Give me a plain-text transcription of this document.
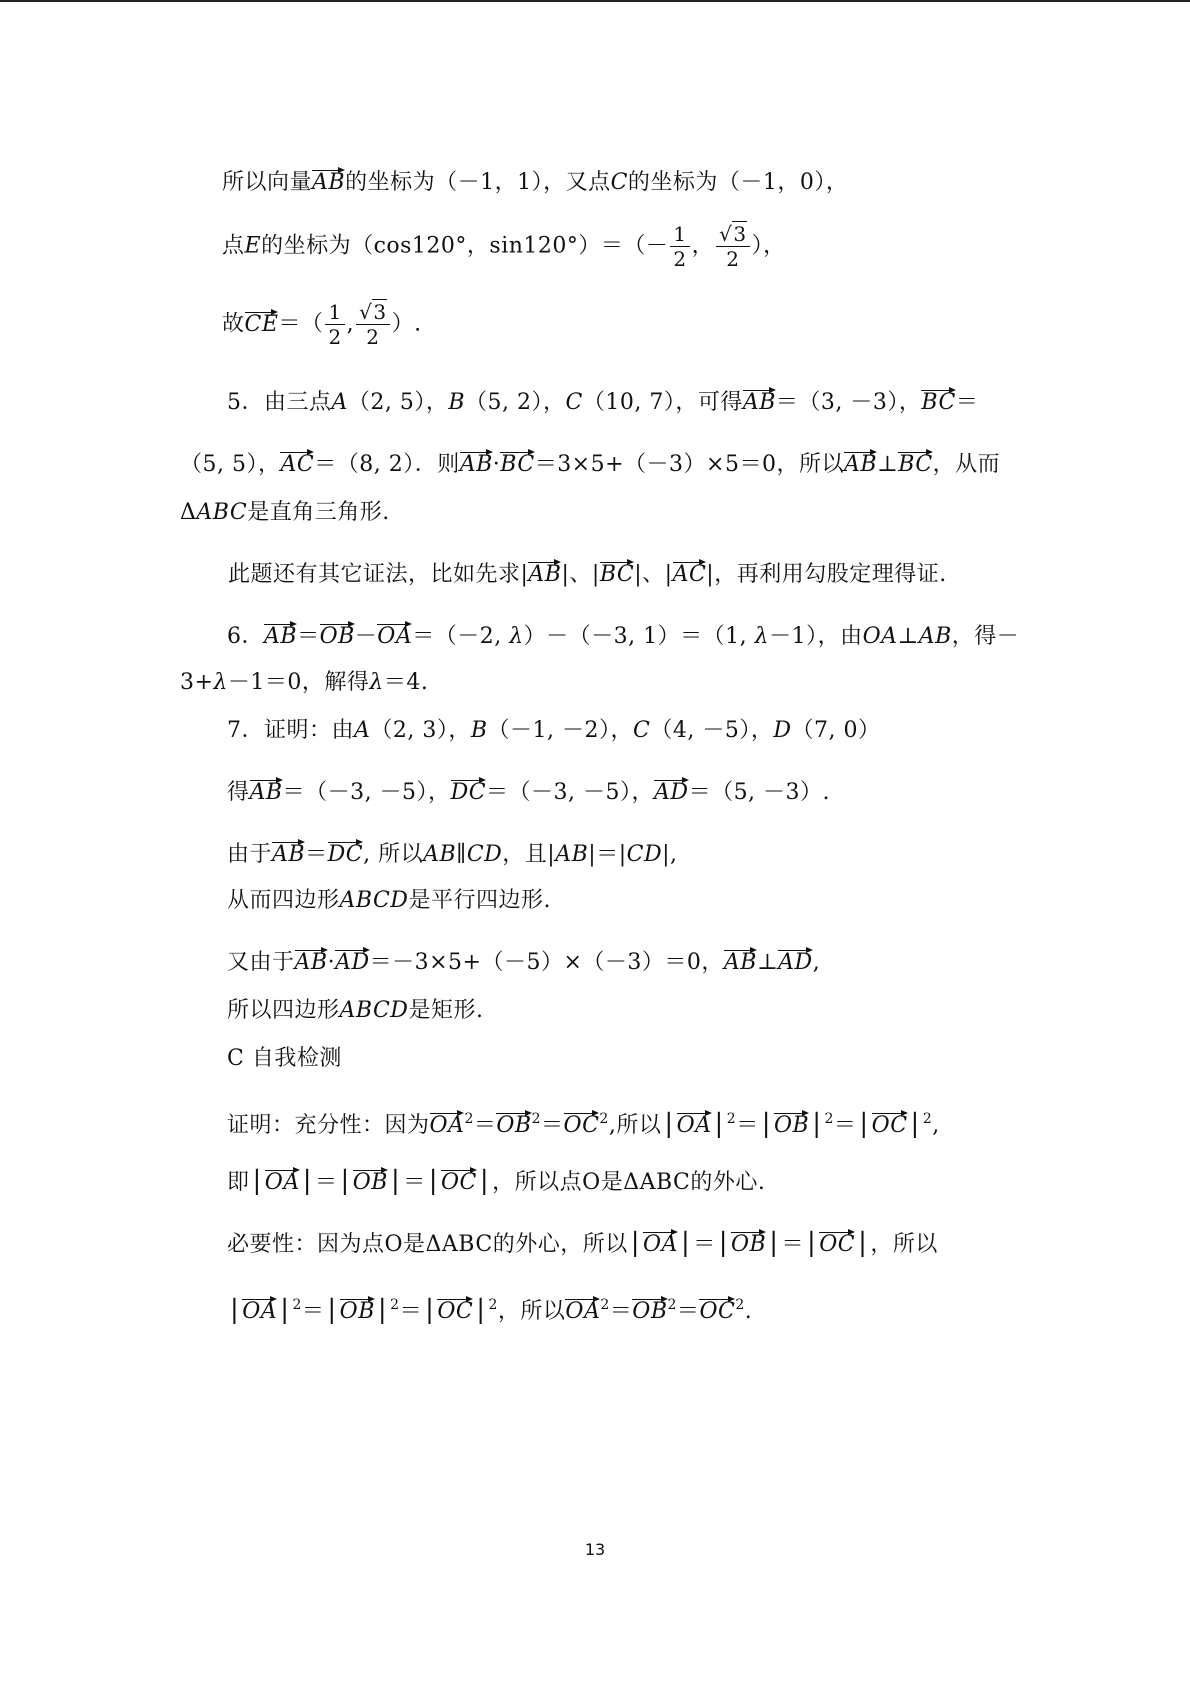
所以向量AB的坐标为（－1，1），又点C的坐标为（－1，0），
点E的坐标为（cos120°，$\sin 120^\circ)=(- \frac{1}{2}$ ， $\frac{√3}{2}$ ），
故$CE=( \frac{1}{2}$ , $\frac{√3}{2}$ ）.
5．由三点A（2, 5），B（5, 2），C（10, 7），可得AB＝（3, －3），BC＝
（5, 5），AC＝（8, 2）．则AB·BC＝3×5+（－3）×5＝0，所以AB⊥BC，从而
ΔABC是直角三角形.
此题还有其它证法，比如先求|AB|、|BC|、|AC|，再利用勾股定理得证.
6．AB＝OB－OA＝（－2, λ）－（－3, 1）＝（1, λ－1），由OA⊥AB，得－
3+λ－1＝0，解得λ＝4.
7．证明：由A（2, 3），B（－1, －2），C（4, －5），D（7, 0）
得AB＝（－3, －5），DC＝（－3, －5），AD＝（5, －3）.
由于AB＝DC, 所以AB∥CD，且|AB|＝|CD|,
从而四边形ABCD是平行四边形.
又由于AB·AD＝－3×5+（－5）×（－3）＝0，AB⊥AD,
所以四边形ABCD是矩形.
C 自我检测
证明：充分性：因为$OA^2=OB^2=OC^2$,所以 | OA | $^2$＝ | OB | $^2$＝ | OC | $^2$,
即 | OA | ＝ | OB | ＝ | OC | ，所以点O是ΔABC的外心.
必要性：因为点O是ΔABC的外心，所以 | OA | ＝ | OB | ＝ | OC | ，所以
| OA | $^2$＝ | OB | $^2$＝ | OC | $^2$，所以$OA^2=OB^2=OC^2$.
13
